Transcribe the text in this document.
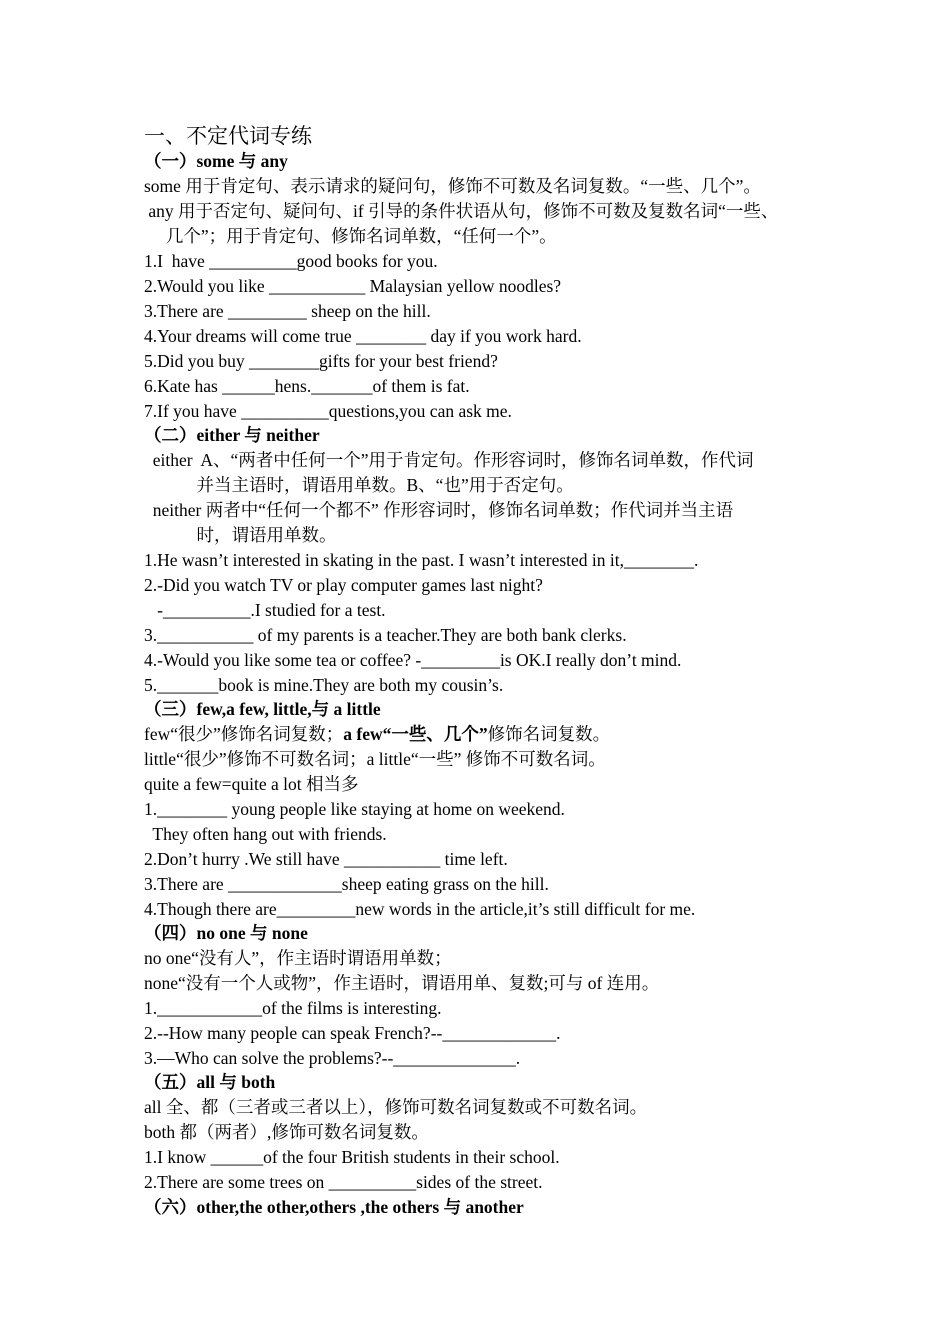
一、不定代词专练
（一）some 与 any
some 用于肯定句、表示请求的疑问句，修饰不可数及名词复数。“一些、几个”。
any 用于否定句、疑问句、if 引导的条件状语从句，修饰不可数及复数名词“一些、
几个”；用于肯定句、修饰名词单数，“任何一个”。
1.I  have __________good books for you.
2.Would you like ___________ Malaysian yellow noodles?
3.There are _________ sheep on the hill.
4.Your dreams will come true ________ day if you work hard.
5.Did you buy ________gifts for your best friend?
6.Kate has ______hens._______of them is fat.
7.If you have __________questions,you can ask me.
（二）either 与 neither
either  A、“两者中任何一个”用于肯定句。作形容词时，修饰名词单数，作代词
并当主语时，谓语用单数。B、“也”用于否定句。
neither 两者中“任何一个都不” 作形容词时，修饰名词单数；作代词并当主语
时，谓语用单数。
1.He wasn’t interested in skating in the past. I wasn’t interested in it,________.
2.-Did you watch TV or play computer games last night?
-__________.I studied for a test.
3.___________ of my parents is a teacher.They are both bank clerks.
4.-Would you like some tea or coffee? -_________is OK.I really don’t mind.
5._______book is mine.They are both my cousin’s.
（三）few,a few, little,与 a little
few“很少”修饰名词复数；a few“一些、几个”修饰名词复数。
little“很少”修饰不可数名词；a little“一些” 修饰不可数名词。
quite a few=quite a lot 相当多
1.________ young people like staying at home on weekend.
They often hang out with friends.
2.Don’t hurry .We still have ___________ time left.
3.There are _____________sheep eating grass on the hill.
4.Though there are_________new words in the article,it’s still difficult for me.
（四）no one 与 none
no one“没有人”，作主语时谓语用单数；
none“没有一个人或物”，作主语时，谓语用单、复数;可与 of 连用。
1.____________of the films is interesting.
2.--How many people can speak French?--_____________.
3.—Who can solve the problems?--______________.
（五）all 与 both
all 全、都（三者或三者以上），修饰可数名词复数或不可数名词。
both 都（两者）,修饰可数名词复数。
1.I know ______of the four British students in their school.
2.There are some trees on __________sides of the street.
（六）other,the other,others ,the others 与 another
